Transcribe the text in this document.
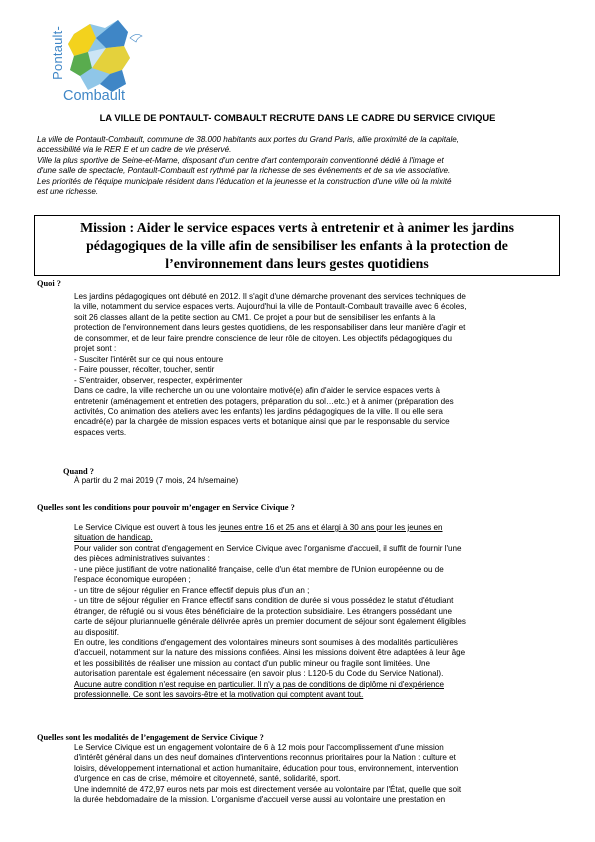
Pontault-
Combault
LA VILLE DE PONTAULT- COMBAULT RECRUTE DANS LE CADRE DU SERVICE CIVIQUE

La ville de Pontault-Combault, commune de 38.000 habitants aux portes du Grand Paris, allie proximité de la capitale,

accessibilité via le RER E et un cadre de vie préservé.

Ville la plus sportive de Seine-et-Marne, disposant d'un centre d'art contemporain conventionné dédié à l'image et

d'une salle de spectacle, Pontault-Combault est rythmé par la richesse de ses événements et de sa vie associative.

Les priorités de l'équipe municipale résident dans l'éducation et la jeunesse et la construction d'une ville où la mixité

est une richesse.

Mission : Aider le service espaces verts à entretenir et à animer les jardins
pédagogiques de la ville afin de sensibiliser les enfants à la protection de
l’environnement dans leurs gestes quotidiens
Quoi ?

Les jardins pédagogiques ont débuté en 2012. Il s'agit d'une démarche provenant des services techniques de

la ville, notamment du service espaces verts. Aujourd'hui la ville de Pontault-Combault travaille avec 6 écoles,

soit 26 classes allant de la petite section au CM1. Ce projet a pour but de sensibiliser les enfants à la

protection de l'environnement dans leurs gestes quotidiens, de les responsabiliser dans leur manière d'agir et

de consommer, et de leur faire prendre conscience de leur rôle de citoyen. Les objectifs pédagogiques du

projet sont :

- Susciter l'intérêt sur ce qui nous entoure

- Faire pousser, récolter, toucher, sentir

- S'entraider, observer, respecter, expérimenter

Dans ce cadre, la ville recherche un ou une volontaire motivé(e) afin d'aider le service espaces verts à

entretenir (aménagement et entretien des potagers, préparation du sol…etc.) et à animer (préparation des

activités, Co animation des ateliers avec les enfants) les jardins pédagogiques de la ville. Il ou elle sera

encadré(e) par la chargée de mission espaces verts et botanique ainsi que par le responsable du service

espaces verts.

Quand ?
À partir du 2 mai 2019 (7 mois, 24 h/semaine)
Quelles sont les conditions pour pouvoir m’engager en Service Civique ?

Le Service Civique est ouvert à tous les jeunes entre 16 et 25 ans et élargi à 30 ans pour les jeunes en

situation de handicap.

Pour valider son contrat d'engagement en Service Civique avec l'organisme d'accueil, il suffit de fournir l'une

des pièces administratives suivantes :

- une pièce justifiant de votre nationalité française, celle d'un état membre de l'Union européenne ou de

l'espace économique européen ;

- un titre de séjour régulier en France effectif depuis plus d'un an ;

- un titre de séjour régulier en France effectif sans condition de durée si vous possédez le statut d'étudiant

étranger, de réfugié ou si vous êtes bénéficiaire de la protection subsidiaire. Les étrangers possédant une

carte de séjour pluriannuelle générale délivrée après un premier document de séjour sont également éligibles

au dispositif.

En outre, les conditions d'engagement des volontaires mineurs sont soumises à des modalités particulières

d'accueil, notamment sur la nature des missions confiées. Ainsi les missions doivent être adaptées à leur âge

et les possibilités de réaliser une mission au contact d'un public mineur ou fragile sont limitées. Une

autorisation parentale est également nécessaire (en savoir plus : L120-5 du Code du Service National).

Aucune autre condition n'est requise en particulier. Il n'y a pas de conditions de diplôme ni d'expérience

professionnelle. Ce sont les savoirs-être et la motivation qui comptent avant tout.

Quelles sont les modalités de l’engagement de Service Civique ?

Le Service Civique est un engagement volontaire de 6 à 12 mois pour l'accomplissement d'une mission

d'intérêt général dans un des neuf domaines d'interventions reconnus prioritaires pour la Nation : culture et

loisirs, développement international et action humanitaire, éducation pour tous, environnement, intervention

d'urgence en cas de crise, mémoire et citoyenneté, santé, solidarité, sport.

Une indemnité de 472,97 euros nets par mois est directement versée au volontaire par l'État, quelle que soit

la durée hebdomadaire de la mission. L'organisme d'accueil verse aussi au volontaire une prestation en
